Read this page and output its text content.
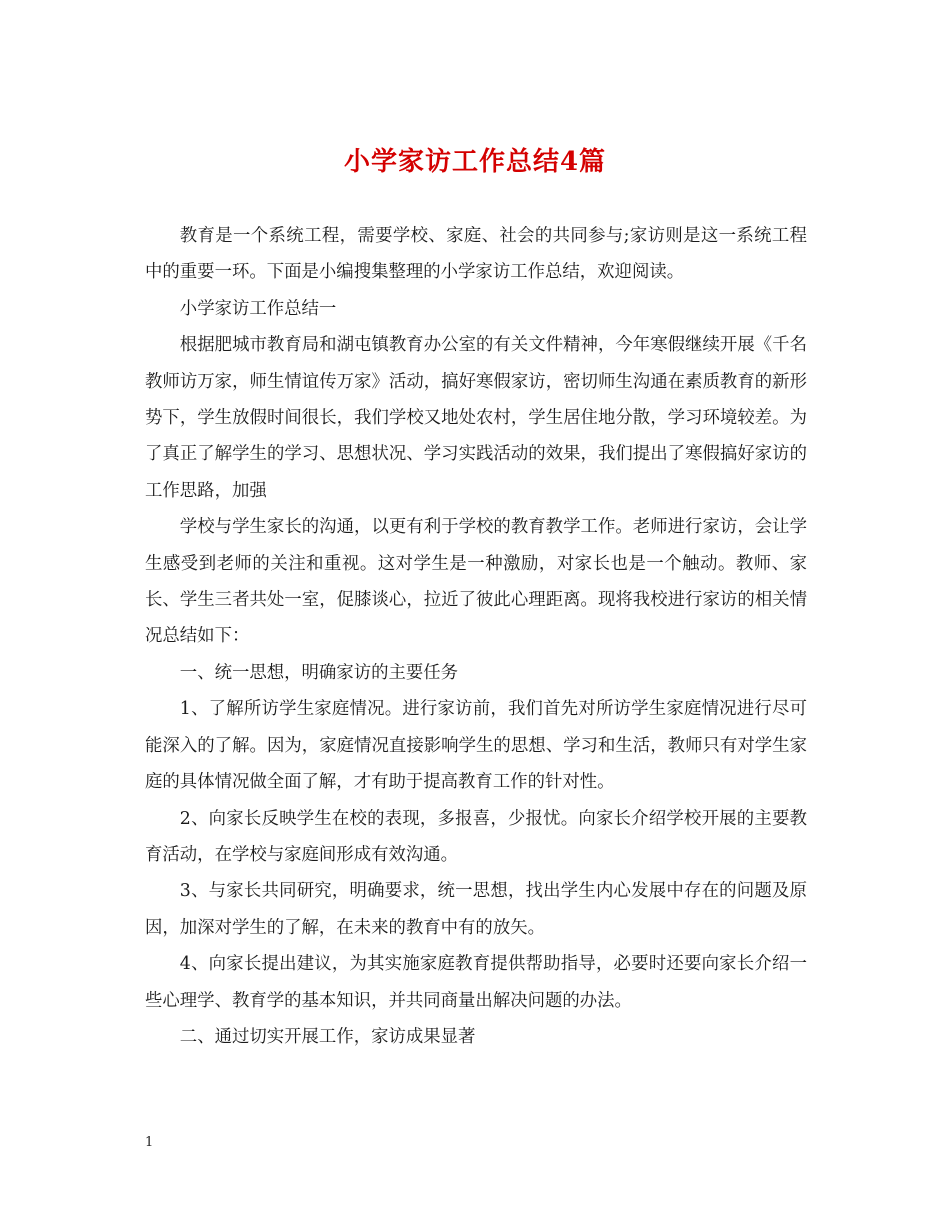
小学家访工作总结4篇

教育是一个系统工程，需要学校、家庭、社会的共同参与;家访则是这一系统工程中的重要一环。下面是小编搜集整理的小学家访工作总结，欢迎阅读。

小学家访工作总结一

根据肥城市教育局和湖屯镇教育办公室的有关文件精神，今年寒假继续开展《千名教师访万家，师生情谊传万家》活动，搞好寒假家访，密切师生沟通在素质教育的新形势下，学生放假时间很长，我们学校又地处农村，学生居住地分散，学习环境较差。为了真正了解学生的学习、思想状况、学习实践活动的效果，我们提出了寒假搞好家访的工作思路，加强

学校与学生家长的沟通，以更有利于学校的教育教学工作。老师进行家访，会让学生感受到老师的关注和重视。这对学生是一种激励，对家长也是一个触动。教师、家长、学生三者共处一室，促膝谈心，拉近了彼此心理距离。现将我校进行家访的相关情况总结如下：

一、统一思想，明确家访的主要任务

1、了解所访学生家庭情况。进行家访前，我们首先对所访学生家庭情况进行尽可能深入的了解。因为，家庭情况直接影响学生的思想、学习和生活，教师只有对学生家庭的具体情况做全面了解，才有助于提高教育工作的针对性。

2、向家长反映学生在校的表现，多报喜，少报忧。向家长介绍学校开展的主要教育活动，在学校与家庭间形成有效沟通。

3、与家长共同研究，明确要求，统一思想，找出学生内心发展中存在的问题及原因，加深对学生的了解，在未来的教育中有的放矢。

4、向家长提出建议，为其实施家庭教育提供帮助指导，必要时还要向家长介绍一些心理学、教育学的基本知识，并共同商量出解决问题的办法。

二、通过切实开展工作，家访成果显著

1
